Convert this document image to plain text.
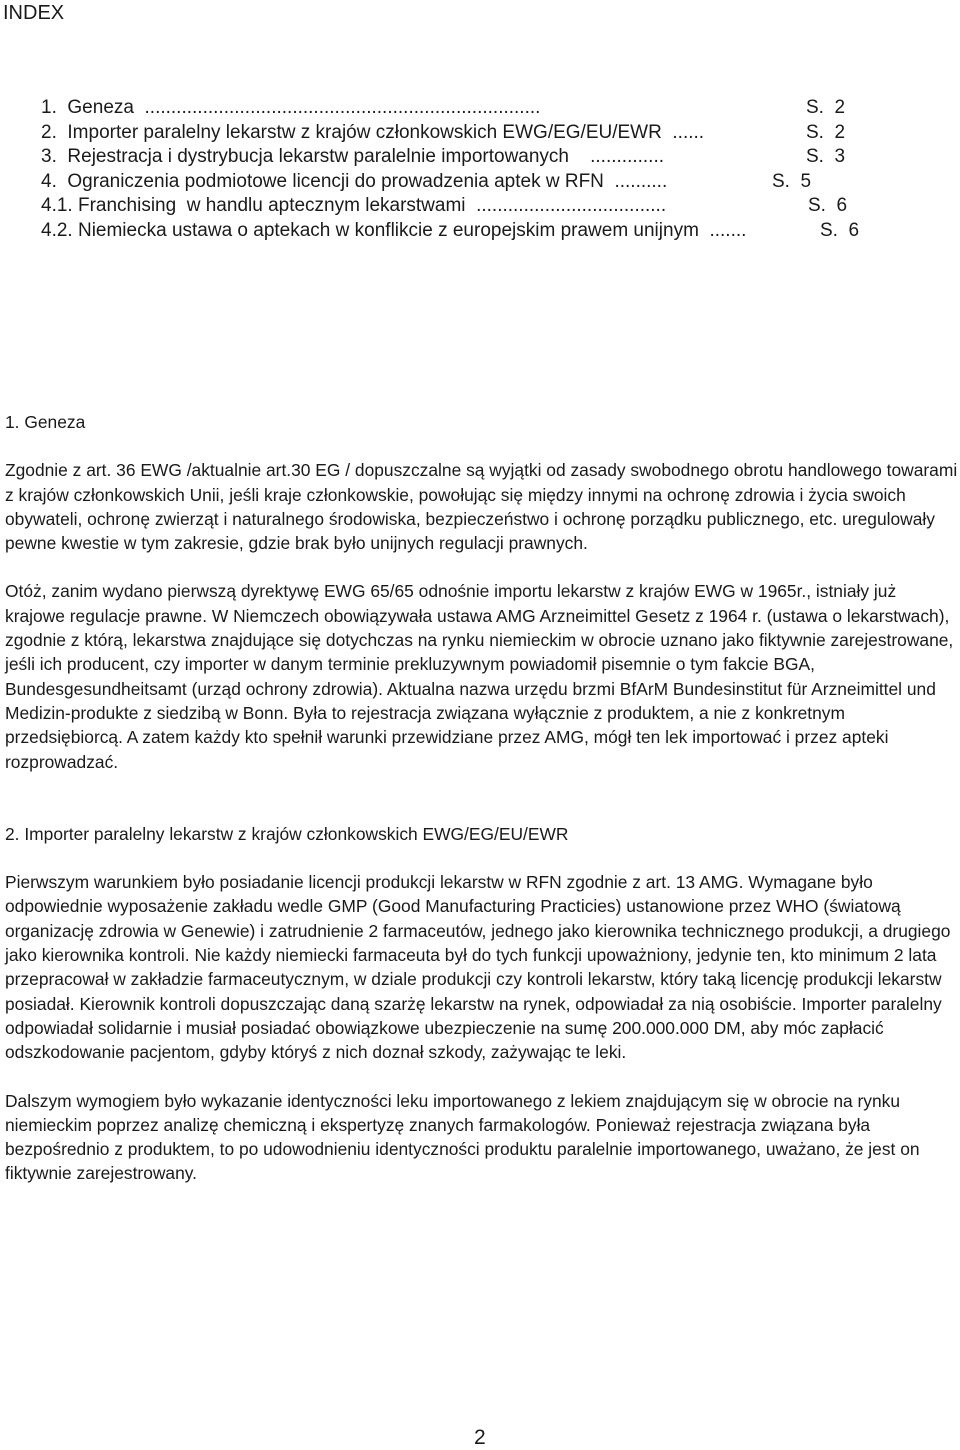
INDEX
1.  Geneza  ...........................................................................	S.  2
2.  Importer paralelny lekarstw z krajów członkowskich EWG/EG/EU/EWR  ......	S.  2
3.  Rejestracja i dystrybucja lekarstw paralelnie importowanych    ..............	S.  3
4.  Ograniczenia podmiotowe licencji do prowadzenia aptek w RFN  ..........	S.  5
4.1. Franchising  w handlu aptecznym lekarstwami  ....................................	S.  6
4.2. Niemiecka ustawa o aptekach w konflikcie z europejskim prawem unijnym  .......	S.  6

1. Geneza

Zgodnie z art. 36 EWG /aktualnie art.30 EG / dopuszczalne są wyjątki od zasady swobodnego obrotu handlowego towarami z krajów członkowskich Unii, jeśli kraje członkowskie, powołując się między innymi na ochronę zdrowia i życia swoich obywateli, ochronę zwierząt i naturalnego środowiska, bezpieczeństwo i ochronę porządku publicznego, etc. uregulowały pewne kwestie w tym zakresie, gdzie brak było unijnych regulacji prawnych.

Otóż, zanim wydano pierwszą dyrektywę EWG 65/65 odnośnie importu lekarstw z krajów EWG w 1965r., istniały już krajowe regulacje prawne. W Niemczech obowiązywała ustawa AMG Arzneimittel Gesetz z 1964 r. (ustawa o lekarstwach), zgodnie z którą, lekarstwa znajdujące się dotychczas na rynku niemieckim w obrocie uznano jako fiktywnie zarejestrowane, jeśli ich producent, czy importer w danym terminie prekluzywnym powiadomił pisemnie o tym fakcie BGA, Bundesgesundheitsamt (urząd ochrony zdrowia). Aktualna nazwa urzędu brzmi BfArM Bundesinstitut für Arzneimittel und Medizin-produkte z siedzibą w Bonn. Była to rejestracja związana wyłącznie z produktem, a nie z konkretnym przedsiębiorcą. A zatem każdy kto spełnił warunki przewidziane przez AMG, mógł ten lek importować i przez apteki rozprowadzać.

2. Importer paralelny lekarstw z krajów członkowskich EWG/EG/EU/EWR

Pierwszym warunkiem było posiadanie licencji produkcji lekarstw w RFN zgodnie z art. 13 AMG. Wymagane było odpowiednie wyposażenie zakładu wedle GMP (Good Manufacturing Practicies) ustanowione przez WHO (światową organizację zdrowia w Genewie) i zatrudnienie 2 farmaceutów, jednego jako kierownika technicznego produkcji, a drugiego jako kierownika kontroli. Nie każdy niemiecki farmaceuta był do tych funkcji upoważniony, jedynie ten, kto minimum 2 lata przepracował w zakładzie farmaceutycznym, w dziale produkcji czy kontroli lekarstw, który taką licencję produkcji lekarstw posiadał. Kierownik kontroli dopuszczając daną szarżę lekarstw na rynek, odpowiadał za nią osobiście. Importer paralelny odpowiadał solidarnie i musiał posiadać obowiązkowe ubezpieczenie na sumę 200.000.000 DM, aby móc zapłacić odszkodowanie pacjentom, gdyby któryś z nich doznał szkody, zażywając te leki.

Dalszym wymogiem było wykazanie identyczności leku importowanego z lekiem znajdującym się w obrocie na rynku niemieckim poprzez analizę chemiczną i ekspertyzę znanych farmakologów. Ponieważ rejestracja związana była bezpośrednio z produktem, to po udowodnieniu identyczności produktu paralelnie importowanego, uważano, że jest on fiktywnie zarejestrowany.

2
